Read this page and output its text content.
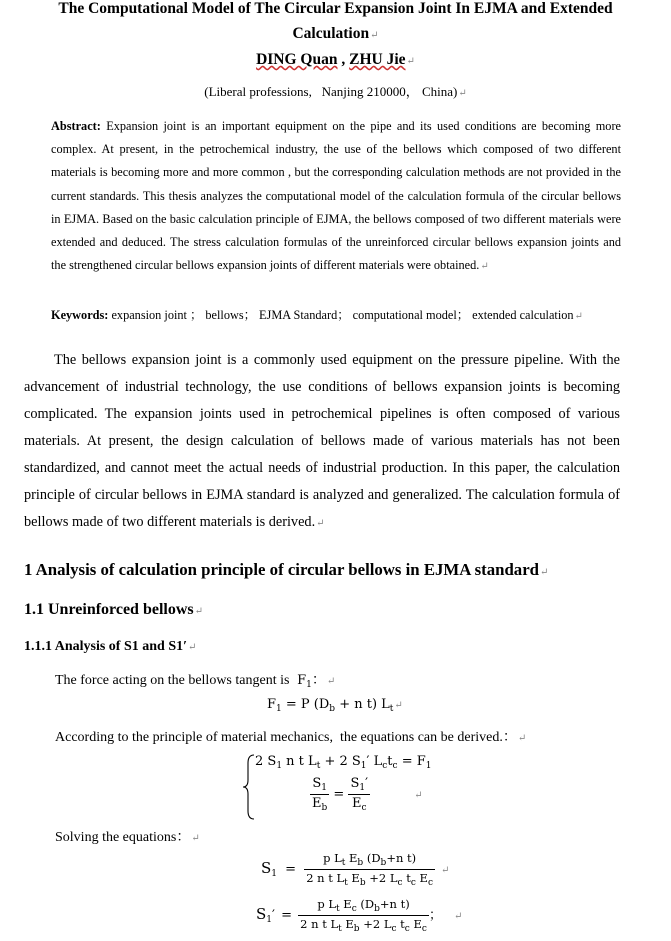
The Computational Model of The Circular Expansion Joint In EJMA and Extended
Calculation↵
DING Quan , ZHU Jie↵
(Liberal professions,   Nanjing 210000， China)↵
Abstract: Expansion joint is an important equipment on the pipe and its used conditions are becoming more complex. At present, in the petrochemical industry, the use of the bellows which composed of two different materials is becoming more and more common , but the corresponding calculation methods are not provided in the current standards. This thesis analyzes the computational model of the calculation formula of the circular bellows in EJMA. Based on the basic calculation principle of EJMA, the bellows composed of two different materials were extended and deduced. The stress calculation formulas of the unreinforced circular bellows expansion joints and the strengthened circular bellows expansion joints of different materials were obtained.↵
Keywords: expansion joint ； bellows； EJMA Standard； computational model； extended calculation↵
The bellows expansion joint is a commonly used equipment on the pressure pipeline. With the advancement of industrial technology, the use conditions of bellows expansion joints is becoming complicated. The expansion joints used in petrochemical pipelines is often composed of various materials. At present, the design calculation of bellows made of various materials has not been standardized, and cannot meet the actual needs of industrial production. In this paper, the calculation principle of circular bellows in EJMA standard is analyzed and generalized. The calculation formula of bellows made of two different materials is derived.↵
1 Analysis of calculation principle of circular bellows in EJMA standard↵
1.1 Unreinforced bellows↵
1.1.1 Analysis of S1 and S1′↵
The force acting on the bellows tangent is $F_1$：↵
$F_1 = P$ ($D_b + n$ t) $L_t↵$
According to the principle of material mechanics,  the equations can be derived.：↵
2 $S_1$ n t $L_t + 2$ $S_1'$ $L_ct_c = F_1$
$\frac{S_1}{E_b} = \frac{S_1'}{E_c}$	↵
Solving the equations：↵
$S_1 = \frac{p L_t E_b (D_b+n t)}{2 n t L_t E_b +2 L_c t_c E_c}$ ↵
$S_1' = \frac{p L_t E_c (D_b+n t)}{2 n t L_t E_b +2 L_c t_c E_c}$ ； ↵
